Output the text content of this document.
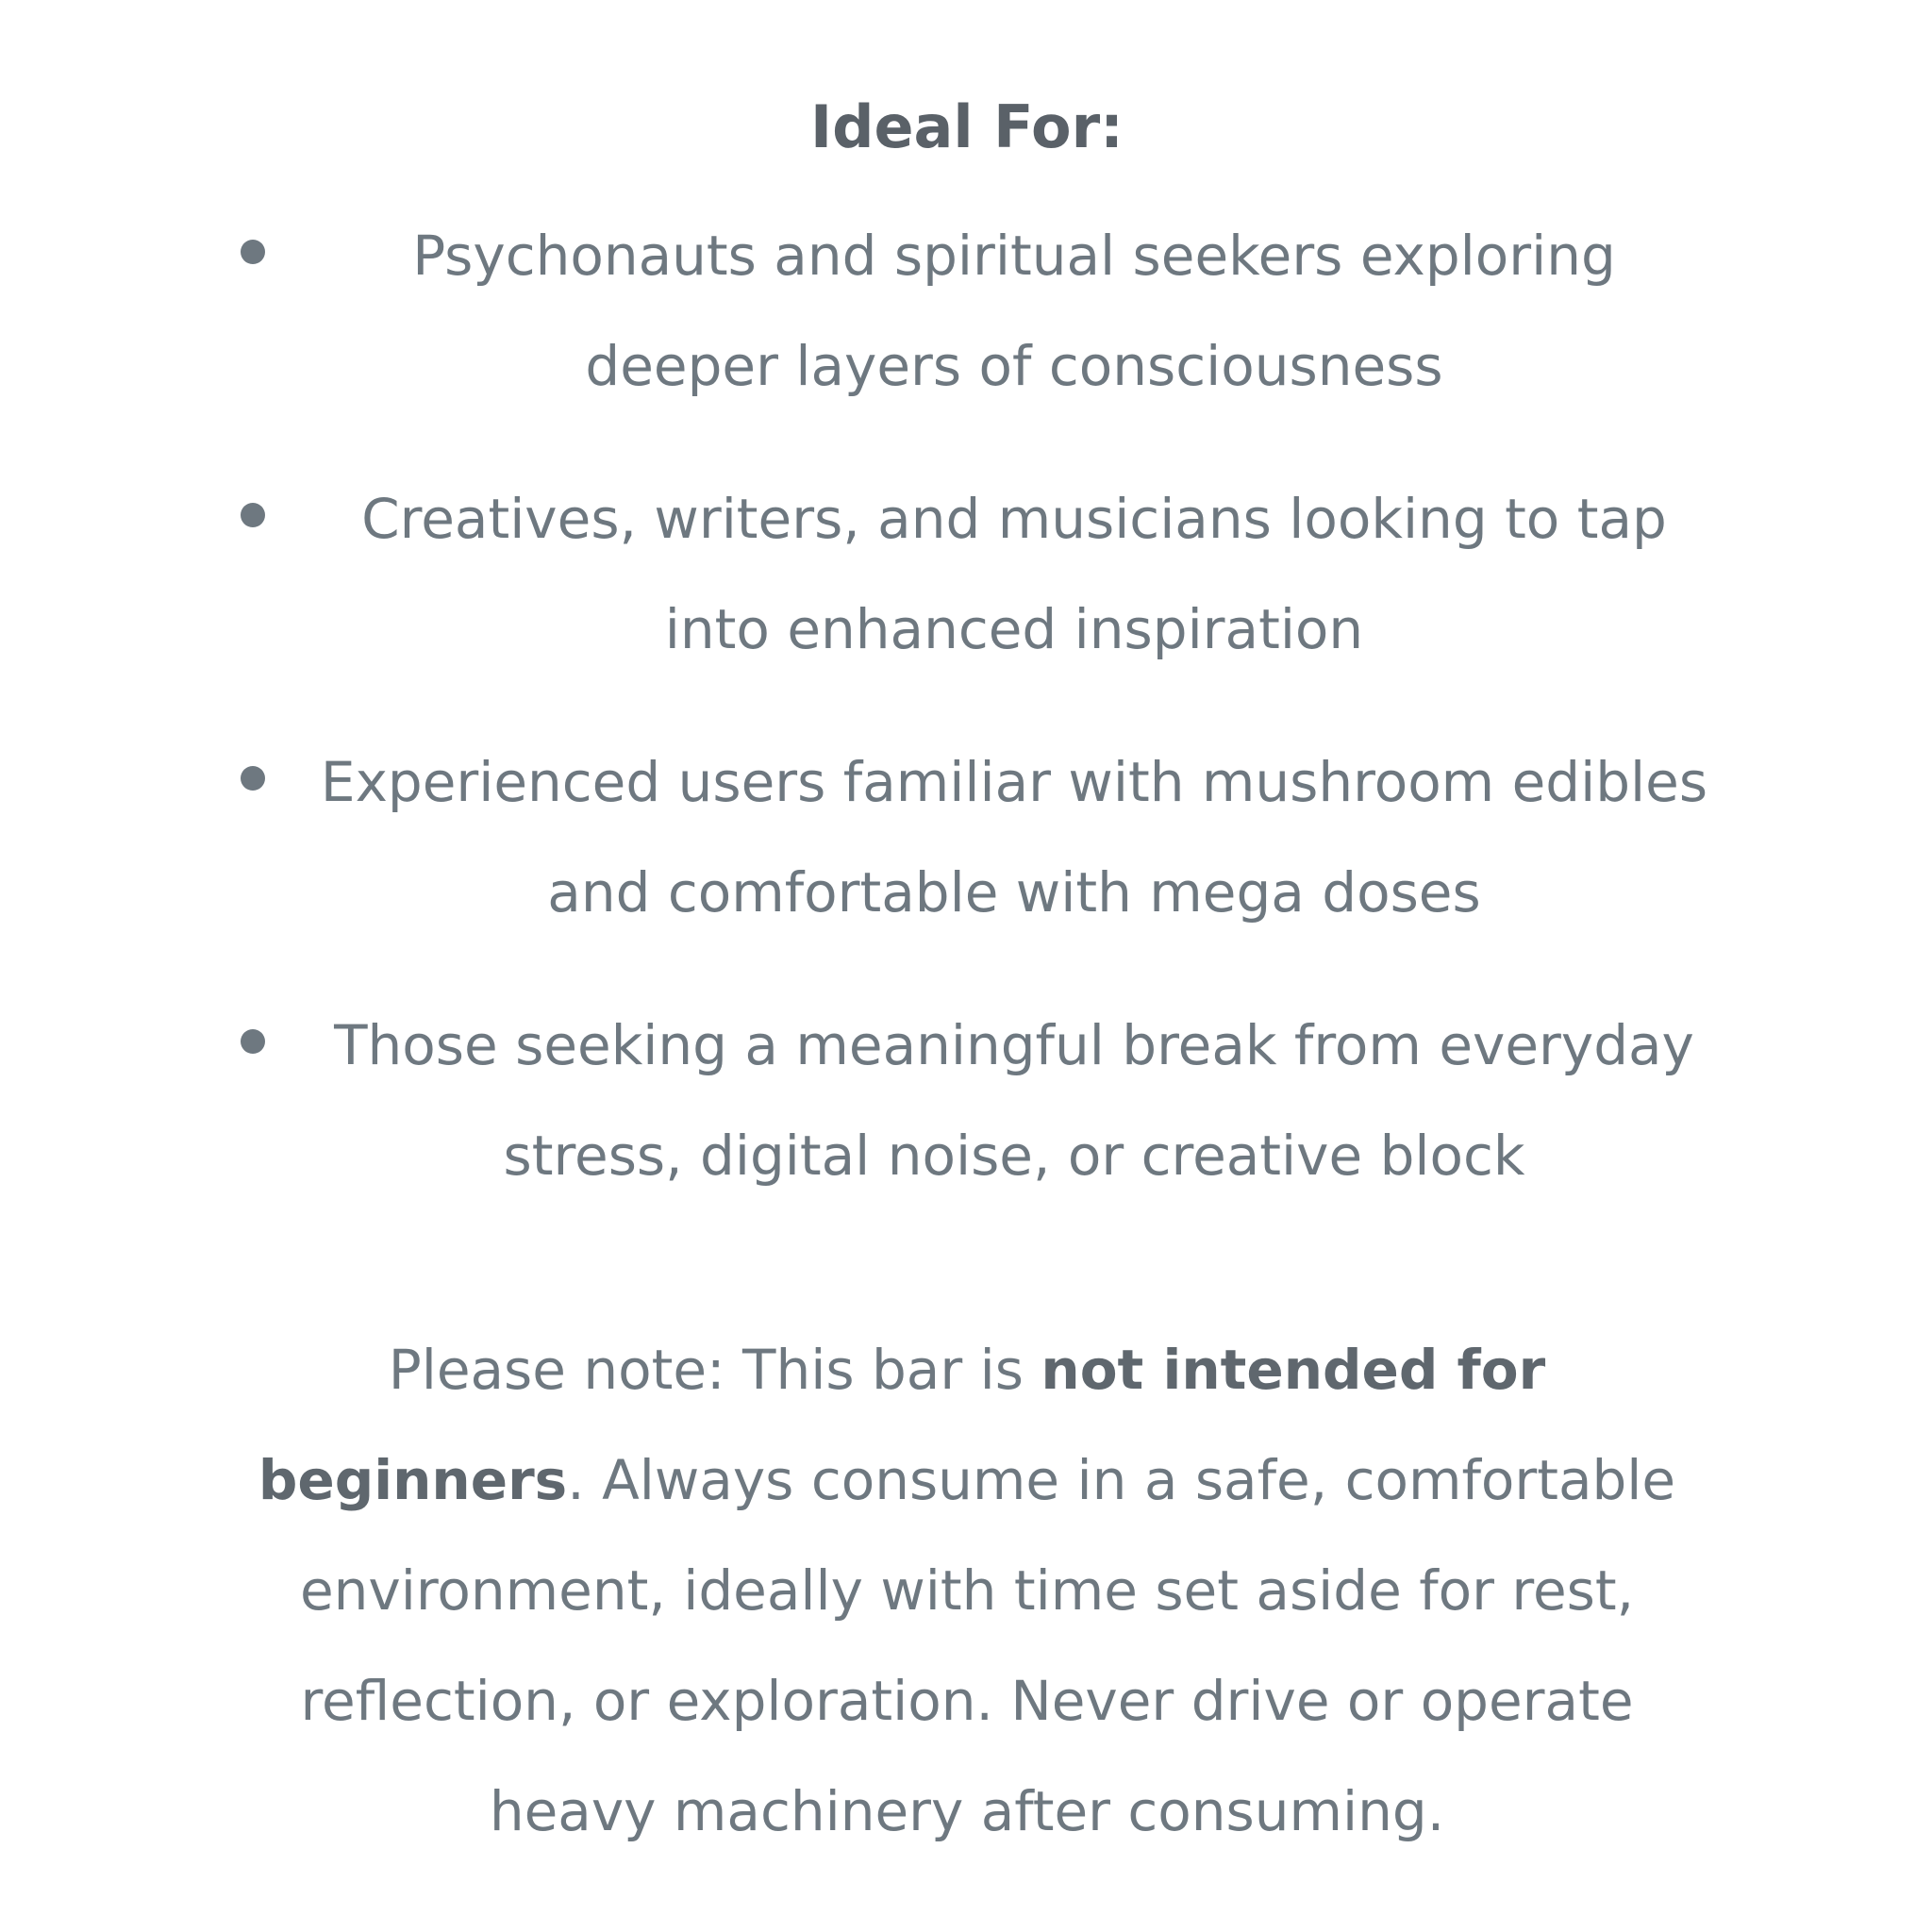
Ideal For:
Psychonauts and spiritual seekers exploring deeper layers of consciousness
Creatives, writers, and musicians looking to tap into enhanced inspiration
Experienced users familiar with mushroom edibles and comfortable with mega doses
Those seeking a meaningful break from everyday stress, digital noise, or creative block

Please note: This bar is not intended for beginners. Always consume in a safe, comfortable environment, ideally with time set aside for rest, reflection, or exploration. Never drive or operate heavy machinery after consuming.
